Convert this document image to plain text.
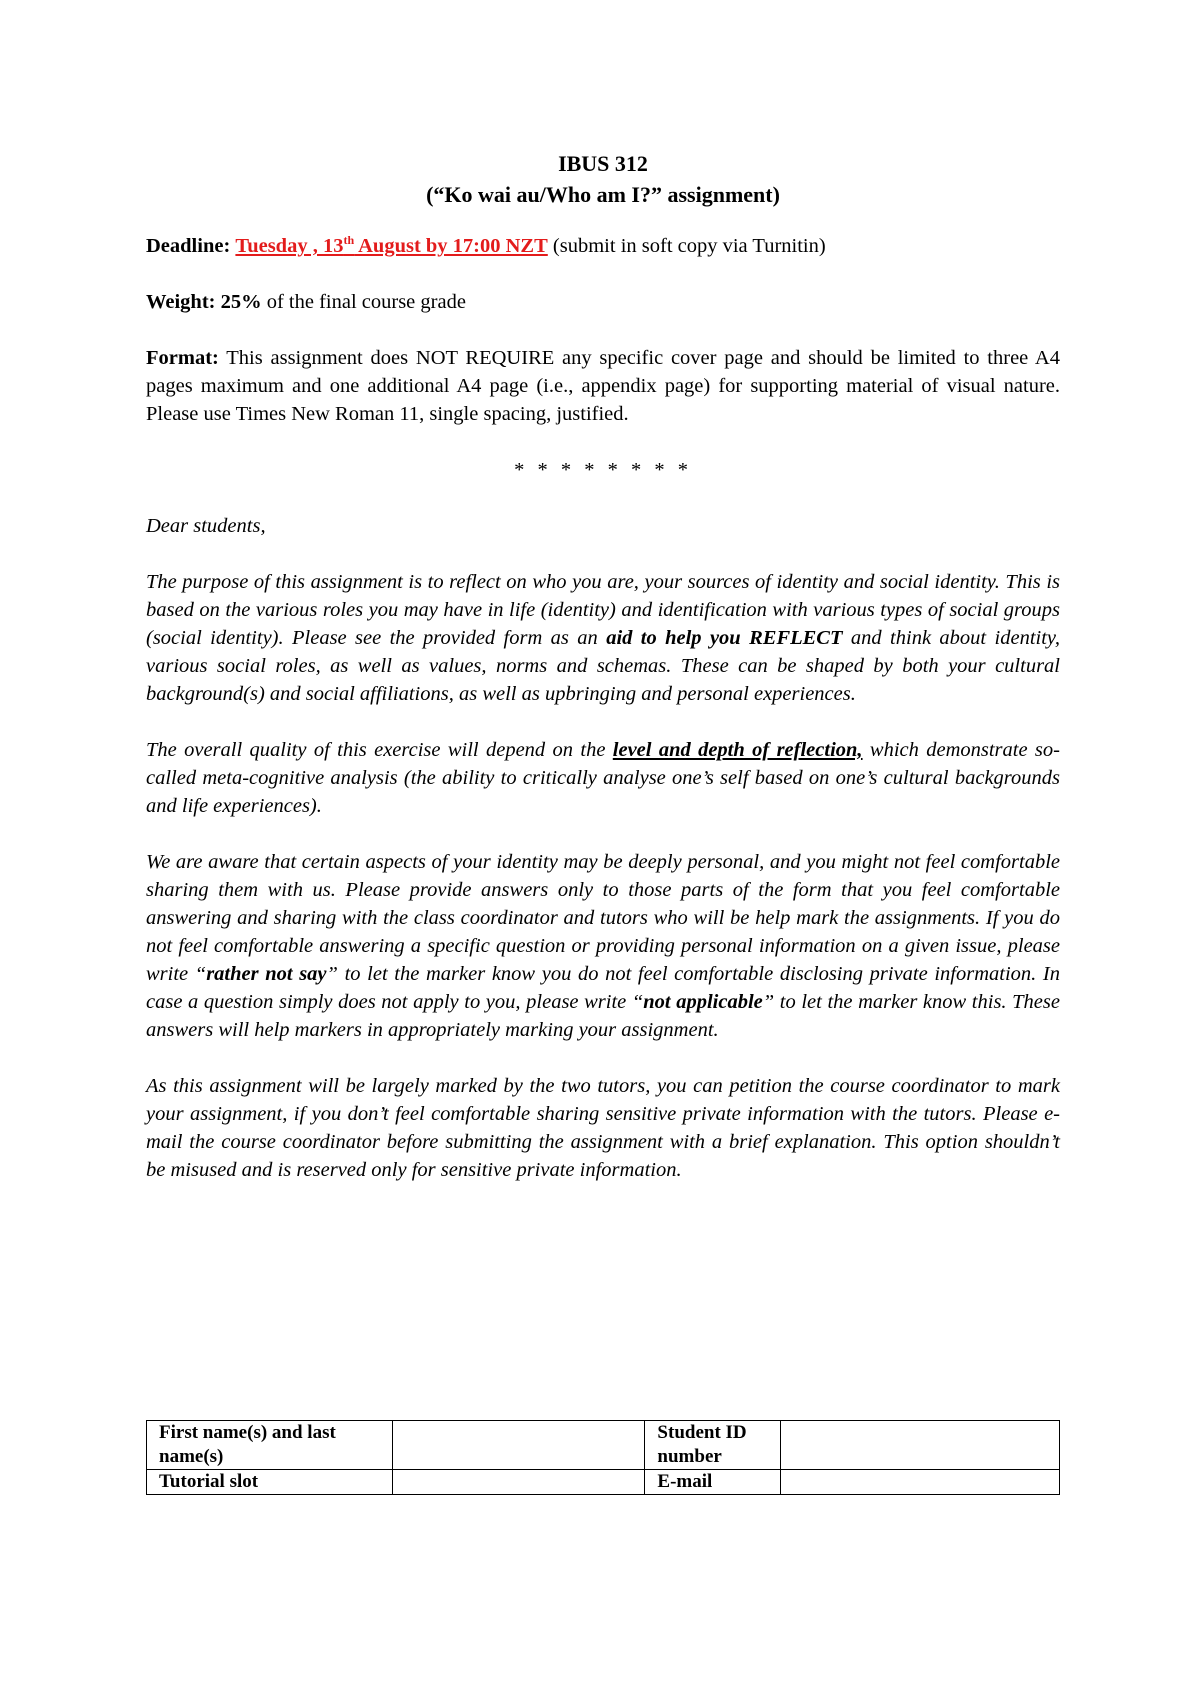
IBUS 312

(“Ko wai au/Who am I?” assignment)

Deadline: Tuesday , 13th August by 17:00 NZT (submit in soft copy via Turnitin)

Weight: 25% of the final course grade

Format: This assignment does NOT REQUIRE any specific cover page and should be limited to three A4 pages maximum and one additional A4 page (i.e., appendix page) for supporting material of visual nature. Please use Times New Roman 11, single spacing, justified.

* * * * * * * *

Dear students,

The purpose of this assignment is to reflect on who you are, your sources of identity and social identity. This is based on the various roles you may have in life (identity) and identification with various types of social groups (social identity). Please see the provided form as an aid to help you REFLECT and think about identity, various social roles, as well as values, norms and schemas. These can be shaped by both your cultural background(s) and social affiliations, as well as upbringing and personal experiences.

The overall quality of this exercise will depend on the level and depth of reflection, which demonstrate so-called meta-cognitive analysis (the ability to critically analyse one’s self based on one’s cultural backgrounds and life experiences).

We are aware that certain aspects of your identity may be deeply personal, and you might not feel comfortable sharing them with us. Please provide answers only to those parts of the form that you feel comfortable answering and sharing with the class coordinator and tutors who will be help mark the assignments. If you do not feel comfortable answering a specific question or providing personal information on a given issue, please write “rather not say” to let the marker know you do not feel comfortable disclosing private information. In case a question simply does not apply to you, please write “not applicable” to let the marker know this. These answers will help markers in appropriately marking your assignment.

As this assignment will be largely marked by the two tutors, you can petition the course coordinator to mark your assignment, if you don’t feel comfortable sharing sensitive private information with the tutors. Please e-mail the course coordinator before submitting the assignment with a brief explanation. This option shouldn’t be misused and is reserved only for sensitive private information.

First name(s) and last name(s)		Student ID number	
Tutorial slot		E-mail	
